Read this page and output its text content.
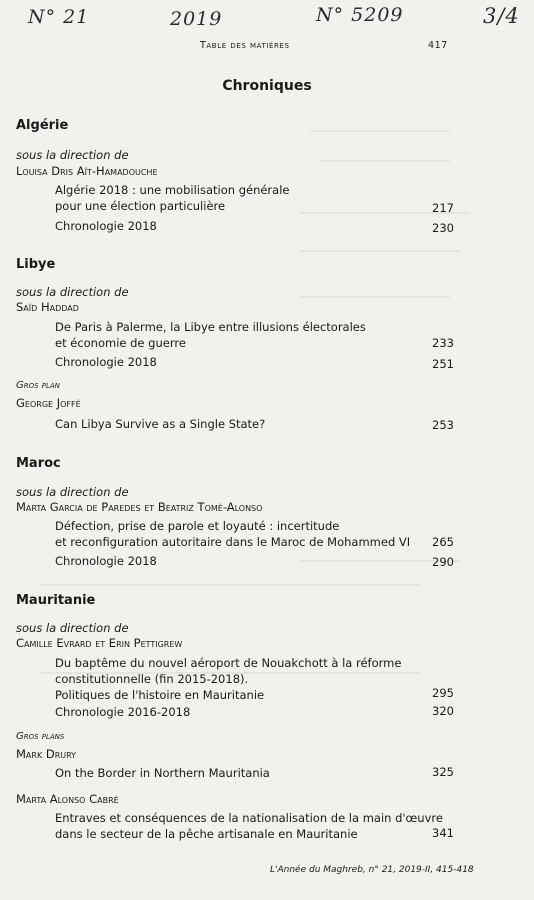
N° 21	2019	N° 5209	3/4
Table des matières	417
Chroniques
Algérie
sous la direction de
Louisa Dris Aït-Hamadouche
Algérie 2018 : une mobilisation générale
pour une élection particulière	217
Chronologie 2018	230
Libye
sous la direction de
Saïd Haddad
De Paris à Palerme, la Libye entre illusions électorales
et économie de guerre	233
Chronologie 2018	251
Gros plan
George Joffé
Can Libya Survive as a Single State?	253
Maroc
sous la direction de
Marta Garcia de Paredes et Beatriz Tomé-Alonso
Défection, prise de parole et loyauté : incertitude
et reconfiguration autoritaire dans le Maroc de Mohammed VI	265
Chronologie 2018	290
Mauritanie
sous la direction de
Camille Evrard et Erin Pettigrew
Du baptême du nouvel aéroport de Nouakchott à la réforme
constitutionnelle (fin 2015-2018).
Politiques de l'histoire en Mauritanie	295
Chronologie 2016-2018	320
Gros plans
Mark Drury
On the Border in Northern Mauritania	325
Marta Alonso Cabré
Entraves et conséquences de la nationalisation de la main d'œuvre
dans le secteur de la pêche artisanale en Mauritanie	341
L'Année du Maghreb, n° 21, 2019-II, 415-418
